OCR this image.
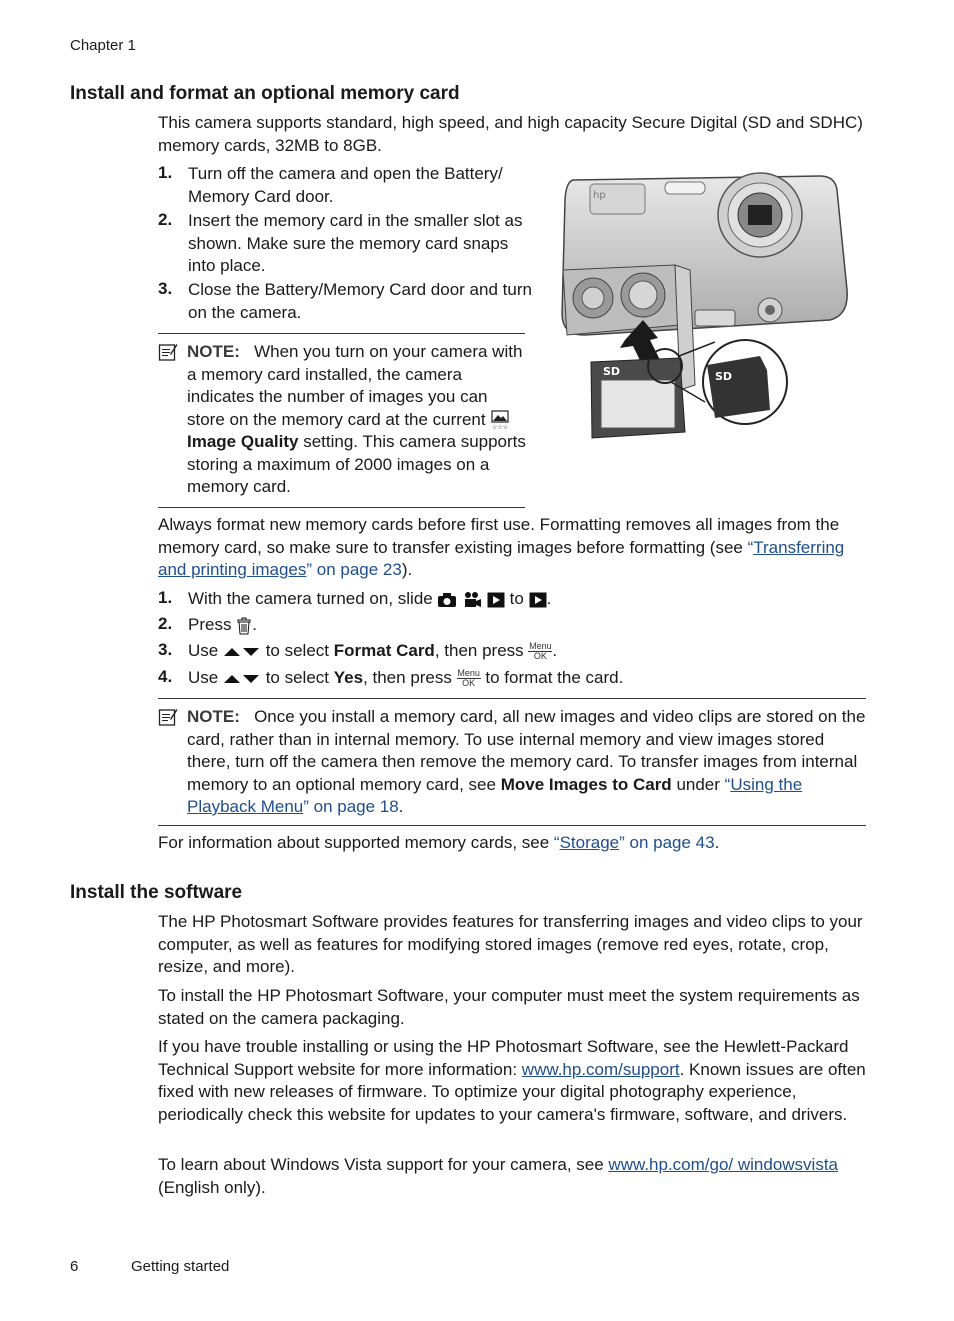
Chapter 1
Install and format an optional memory card
This camera supports standard, high speed, and high capacity Secure Digital (SD and SDHC) memory cards, 32MB to 8GB.
1. Turn off the camera and open the Battery/ Memory Card door.
2. Insert the memory card in the smaller slot as shown. Make sure the memory card snaps into place.
3. Close the Battery/Memory Card door and turn on the camera.
NOTE: When you turn on your camera with a memory card installed, the camera indicates the number of images you can store on the memory card at the current ☆☆☆
Image Quality setting. This camera supports storing a maximum of 2000 images on a memory card.
hp
SD	SD
Always format new memory cards before first use. Formatting removes all images from the memory card, so make sure to transfer existing images before formatting (see “Transferring and printing images” on page 23).
1. With the camera turned on, slide	to .
2. Press .
3. Use	to select Format Card, then press Menu
OK .
4. Use	to select Yes, then press Menu
OK to format the card.
NOTE: Once you install a memory card, all new images and video clips are stored on the card, rather than in internal memory. To use internal memory and view images stored there, turn off the camera then remove the memory card. To transfer images from internal memory to an optional memory card, see Move Images to Card under “Using the Playback Menu” on page 18.
For information about supported memory cards, see “Storage” on page 43.
Install the software
The HP Photosmart Software provides features for transferring images and video clips to your computer, as well as features for modifying stored images (remove red eyes, rotate, crop, resize, and more).
To install the HP Photosmart Software, your computer must meet the system requirements as stated on the camera packaging.
If you have trouble installing or using the HP Photosmart Software, see the Hewlett-Packard Technical Support website for more information: www.hp.com/support. Known issues are often fixed with new releases of firmware. To optimize your digital photography experience, periodically check this website for updates to your camera's firmware, software, and drivers.
To learn about Windows Vista support for your camera, see www.hp.com/go/ windowsvista (English only).
6	Getting started
